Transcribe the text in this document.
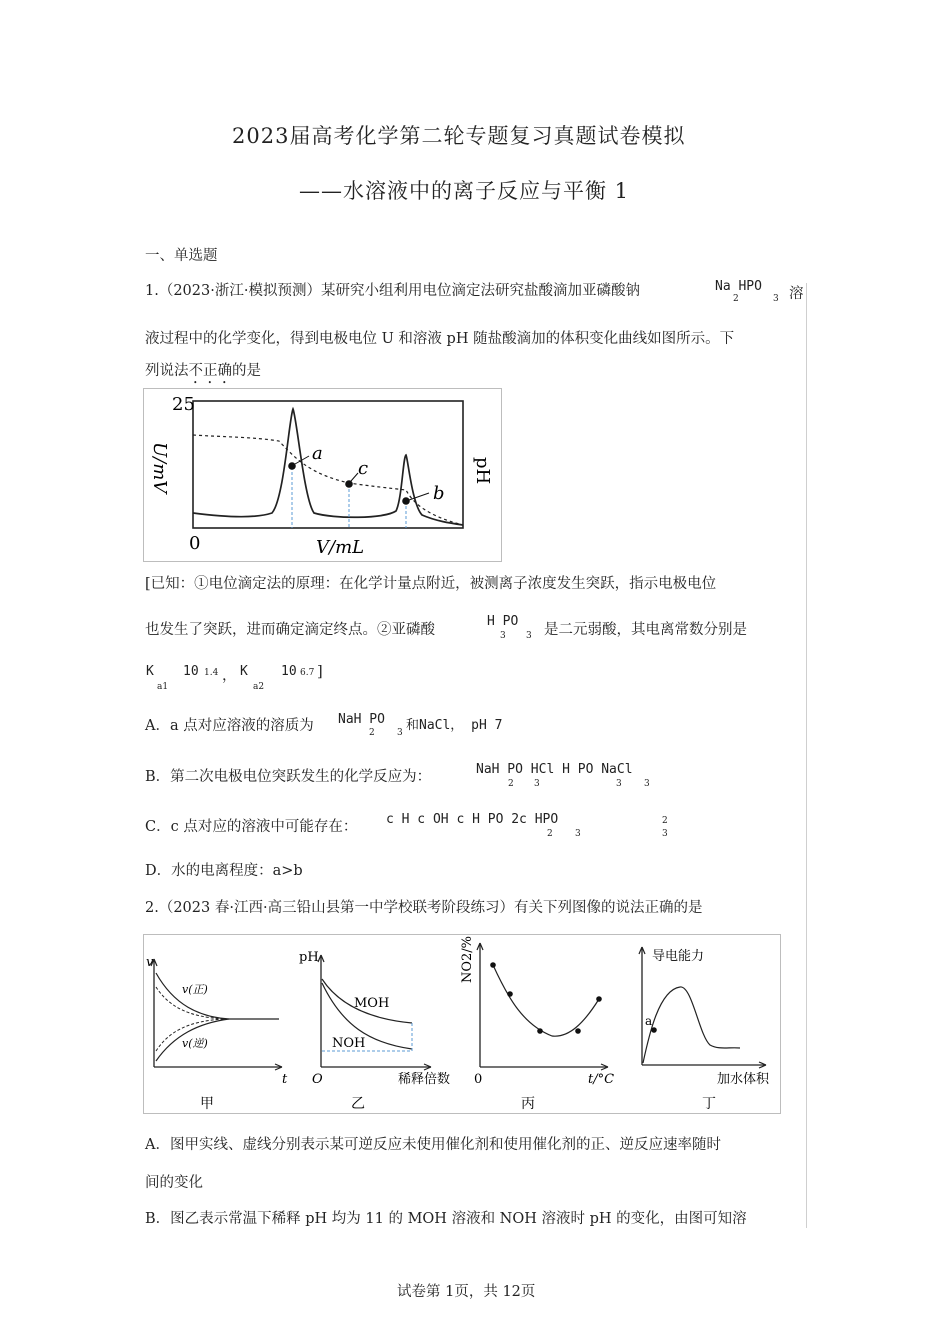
2023届高考化学第二轮专题复习真题试卷模拟
——水溶液中的离子反应与平衡 1
一、单选题
1.（2023·浙江·模拟预测）某研究小组利用电位滴定法研究盐酸滴加亚磷酸钠	Na HPO
2	3 溶
液过程中的化学变化，得到电极电位 U 和溶液 pH 随盐酸滴加的体积变化曲线如图所示。下
列说法不正确的是
a
c
b
25
0	V/mL
U/mV	pH
[已知：①电位滴定法的原理：在化学计量点附近，被测离子浓度发生突跃，指示电极电位
也发生了突跃，进而确定滴定终点。②亚磷酸
H PO
3 3 是二元弱酸，其电离常数分别是
K
a1
10 1.4 ， K
a2
10 6.7 ]
A．a 点对应溶液的溶质为 NaH PO
2 3 和NaCl， pH 7
B．第二次电极电位突跃发生的化学反应为：	NaH PO HCl H PO NaCl
2 3	3 3
C．c 点对应的溶液中可能存在： c H c OH c H PO 2c HPO
2 3
2
3
D．水的电离程度：a>b
2.（2023 春·江西·高三铅山县第一中学校联考阶段练习）有关下列图像的说法正确的是
v
t
v(正)
v(逆)
甲
pH
O	稀释倍数
MOH
NOH
乙
NO2/%
0	t/°C
丙
导电能力
a
加水体积
丁
A．图甲实线、虚线分别表示某可逆反应未使用催化剂和使用催化剂的正、逆反应速率随时
间的变化
B．图乙表示常温下稀释 pH 均为 11 的 MOH 溶液和 NOH 溶液时 pH 的变化，由图可知溶
试卷第 1页，共 12页
